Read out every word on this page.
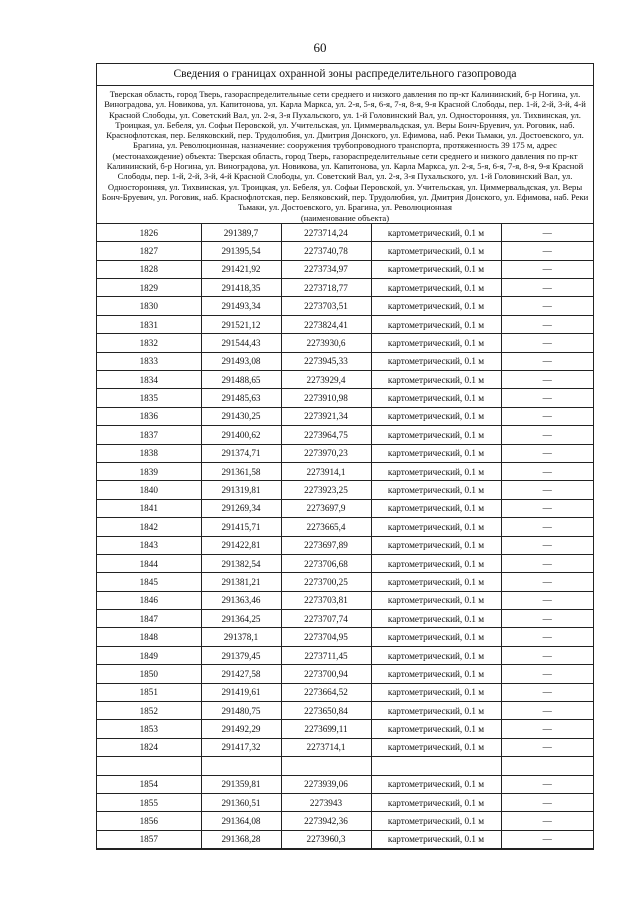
60
Сведения о границах охранной зоны распределительного газопровода
Тверская область, город Тверь, газораспределительные сети среднего и низкого давления по пр-кт Калининский, б-р Ногина, ул. Виноградова, ул. Новикова, ул. Капитонова, ул. Карла Маркса, ул. 2-я, 5-я, 6-я, 7-я, 8-я, 9-я Красной Слободы, пер. 1-й, 2-й, 3-й, 4-й Красной Слободы, ул. Советский Вал, ул. 2-я, 3-я Пухальского, ул. 1-й Головинский Вал, ул. Односторонняя, ул. Тихвинская, ул. Троицкая, ул. Бебеля, ул. Софьи Перовской, ул. Учительская, ул. Циммервальдская, ул. Веры Бонч-Бруевич, ул. Роговик, наб. Краснофлотская, пер. Беляковский, пер. Трудолюбия, ул. Дмитрия Донского, ул. Ефимова, наб. Реки Тьмаки, ул. Достоевского, ул. Брагина, ул. Революционная, назначение: сооружения трубопроводного транспорта, протяженность 39 175 м, адрес (местонахождение) объекта: Тверская область, город Тверь, газораспределительные сети среднего и низкого давления по пр-кт Калининский, б-р Ногина, ул. Виноградова, ул. Новикова, ул. Капитонова, ул. Карла Маркса, ул. 2-я, 5-я, 6-я, 7-я, 8-я, 9-я Красной Слободы, пер. 1-й, 2-й, 3-й, 4-й Красной Слободы, ул. Советский Вал, ул. 2-я, 3-я Пухальского, ул. 1-й Головинский Вал, ул. Односторонняя, ул. Тихвинская, ул. Троицкая, ул. Бебеля, ул. Софьи Перовской, ул. Учительская, ул. Циммервальдская, ул. Веры Бонч-Бруевич, ул. Роговик, наб. Краснофлотская, пер. Беляковский, пер. Трудолюбия, ул. Дмитрия Донского, ул. Ефимова, наб. Реки Тьмаки, ул. Достоевского, ул. Брагина, ул. Революционная
(наименование объекта)
1826	291389,7	2273714,24	картометрический, 0.1 м	—
1827	291395,54	2273740,78	картометрический, 0.1 м	—
1828	291421,92	2273734,97	картометрический, 0.1 м	—
1829	291418,35	2273718,77	картометрический, 0.1 м	—
1830	291493,34	2273703,51	картометрический, 0.1 м	—
1831	291521,12	2273824,41	картометрический, 0.1 м	—
1832	291544,43	2273930,6	картометрический, 0.1 м	—
1833	291493,08	2273945,33	картометрический, 0.1 м	—
1834	291488,65	2273929,4	картометрический, 0.1 м	—
1835	291485,63	2273910,98	картометрический, 0.1 м	—
1836	291430,25	2273921,34	картометрический, 0.1 м	—
1837	291400,62	2273964,75	картометрический, 0.1 м	—
1838	291374,71	2273970,23	картометрический, 0.1 м	—
1839	291361,58	2273914,1	картометрический, 0.1 м	—
1840	291319,81	2273923,25	картометрический, 0.1 м	—
1841	291269,34	2273697,9	картометрический, 0.1 м	—
1842	291415,71	2273665,4	картометрический, 0.1 м	—
1843	291422,81	2273697,89	картометрический, 0.1 м	—
1844	291382,54	2273706,68	картометрический, 0.1 м	—
1845	291381,21	2273700,25	картометрический, 0.1 м	—
1846	291363,46	2273703,81	картометрический, 0.1 м	—
1847	291364,25	2273707,74	картометрический, 0.1 м	—
1848	291378,1	2273704,95	картометрический, 0.1 м	—
1849	291379,45	2273711,45	картометрический, 0.1 м	—
1850	291427,58	2273700,94	картометрический, 0.1 м	—
1851	291419,61	2273664,52	картометрический, 0.1 м	—
1852	291480,75	2273650,84	картометрический, 0.1 м	—
1853	291492,29	2273699,11	картометрический, 0.1 м	—
1824	291417,32	2273714,1	картометрический, 0.1 м	—

1854	291359,81	2273939,06	картометрический, 0.1 м	—
1855	291360,51	2273943	картометрический, 0.1 м	—
1856	291364,08	2273942,36	картометрический, 0.1 м	—
1857	291368,28	2273960,3	картометрический, 0.1 м	—
